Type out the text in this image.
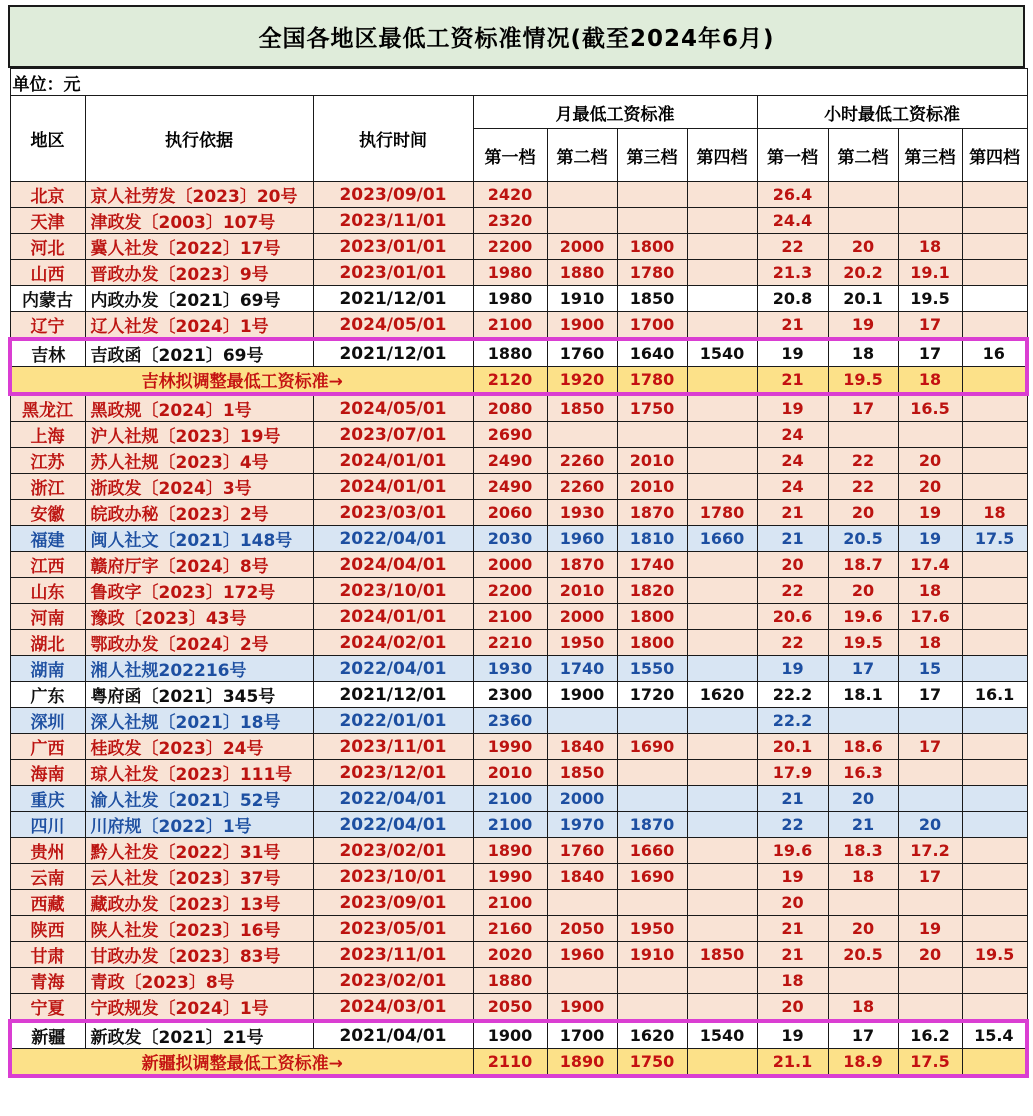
全国各地区最低工资标准情况(截至2024年6月)
单位：元										
地区	执行依据	执行时间	月最低工资标准				小时最低工资标准			
			第一档	第二档	第三档	第四档	第一档	第二档	第三档	第四档
北京	京人社劳发〔2023〕20号	2023/09/01	2420				26.4			
天津	津政发〔2003〕107号	2023/11/01	2320				24.4			
河北	冀人社发〔2022〕17号	2023/01/01	2200	2000	1800		22	20	18	
山西	晋政办发〔2023〕9号	2023/01/01	1980	1880	1780		21.3	20.2	19.1	
内蒙古	内政办发〔2021〕69号	2021/12/01	1980	1910	1850		20.8	20.1	19.5	
辽宁	辽人社发〔2024〕1号	2024/05/01	2100	1900	1700		21	19	17	
吉林	吉政函〔2021〕69号	2021/12/01	1880	1760	1640	1540	19	18	17	16
吉林拟调整最低工资标准→			2120	1920	1780		21	19.5	18	
黑龙江	黑政规〔2024〕1号	2024/05/01	2080	1850	1750		19	17	16.5	
上海	沪人社规〔2023〕19号	2023/07/01	2690				24			
江苏	苏人社规〔2023〕4号	2024/01/01	2490	2260	2010		24	22	20	
浙江	浙政发〔2024〕3号	2024/01/01	2490	2260	2010		24	22	20	
安徽	皖政办秘〔2023〕2号	2023/03/01	2060	1930	1870	1780	21	20	19	18
福建	闽人社文〔2021〕148号	2022/04/01	2030	1960	1810	1660	21	20.5	19	17.5
江西	赣府厅字〔2024〕8号	2024/04/01	2000	1870	1740		20	18.7	17.4	
山东	鲁政字〔2023〕172号	2023/10/01	2200	2010	1820		22	20	18	
河南	豫政〔2023〕43号	2024/01/01	2100	2000	1800		20.6	19.6	17.6	
湖北	鄂政办发〔2024〕2号	2024/02/01	2210	1950	1800		22	19.5	18	
湖南	湘人社规202216号	2022/04/01	1930	1740	1550		19	17	15	
广东	粤府函〔2021〕345号	2021/12/01	2300	1900	1720	1620	22.2	18.1	17	16.1
深圳	深人社规〔2021〕18号	2022/01/01	2360				22.2			
广西	桂政发〔2023〕24号	2023/11/01	1990	1840	1690		20.1	18.6	17	
海南	琼人社发〔2023〕111号	2023/12/01	2010	1850			17.9	16.3		
重庆	渝人社发〔2021〕52号	2022/04/01	2100	2000			21	20		
四川	川府规〔2022〕1号	2022/04/01	2100	1970	1870		22	21	20	
贵州	黔人社发〔2022〕31号	2023/02/01	1890	1760	1660		19.6	18.3	17.2	
云南	云人社发〔2023〕37号	2023/10/01	1990	1840	1690		19	18	17	
西藏	藏政办发〔2023〕13号	2023/09/01	2100				20			
陕西	陕人社发〔2023〕16号	2023/05/01	2160	2050	1950		21	20	19	
甘肃	甘政办发〔2023〕83号	2023/11/01	2020	1960	1910	1850	21	20.5	20	19.5
青海	青政〔2023〕8号	2023/02/01	1880				18			
宁夏	宁政规发〔2024〕1号	2024/03/01	2050	1900			20	18		
新疆	新政发〔2021〕21号	2021/04/01	1900	1700	1620	1540	19	17	16.2	15.4
新疆拟调整最低工资标准→			2110	1890	1750		21.1	18.9	17.5	
